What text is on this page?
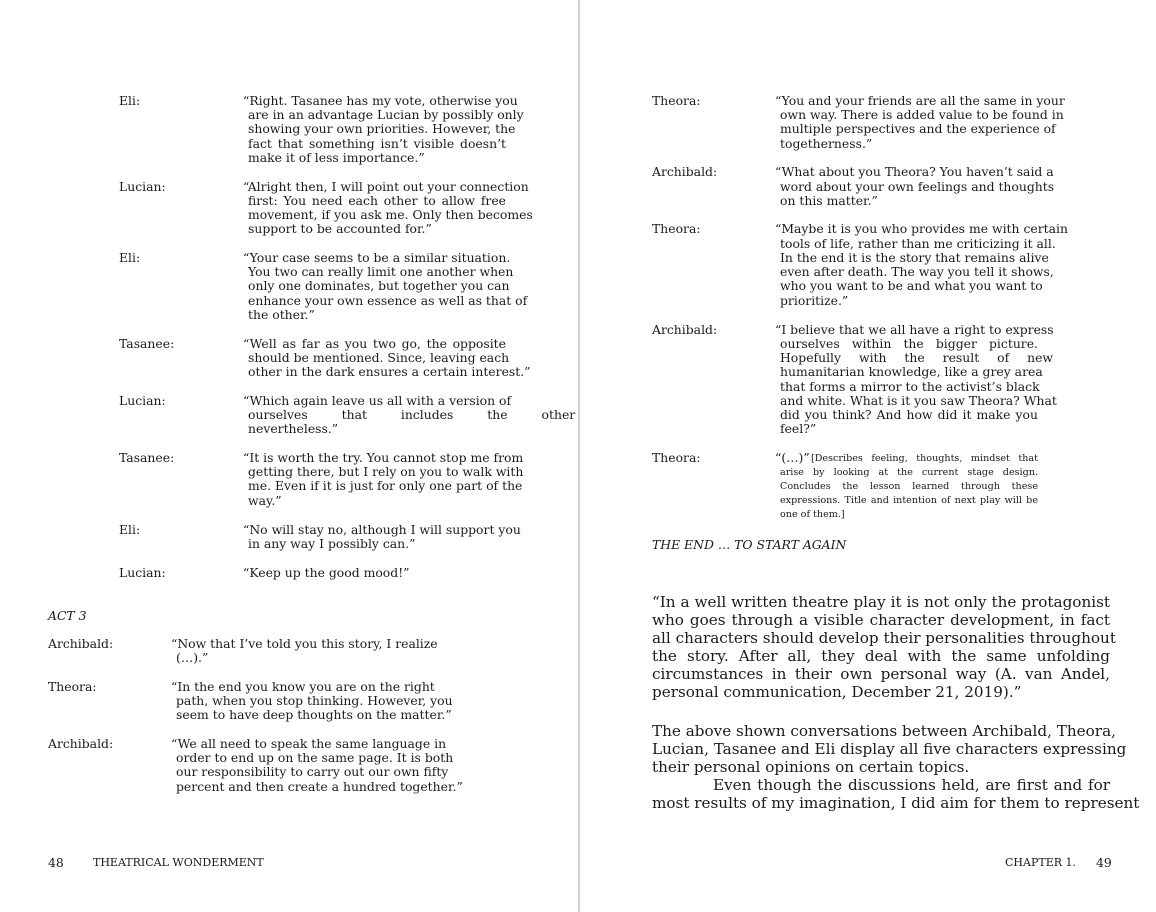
Eli:	“Right. Tasanee has my vote, otherwise you
are in an advantage Lucian by possibly only
showing your own priorities. However, the
fact that something isn’t visible doesn’t
make it of less importance.”
Lucian:	“Alright then, I will point out your connection
first: You need each other to allow free
movement, if you ask me. Only then becomes
support to be accounted for.”
Eli:	“Your case seems to be a similar situation.
You two can really limit one another when
only one dominates, but together you can
enhance your own essence as well as that of
the other.”
Tasanee:	“Well as far as you two go, the opposite
should be mentioned. Since, leaving each
other in the dark ensures a certain interest.”
Lucian:	“Which again leave us all with a version of
ourselves that includes the other
nevertheless.”
Tasanee:	“It is worth the try. You cannot stop me from
getting there, but I rely on you to walk with
me. Even if it is just for only one part of the
way.”
Eli:	“No will stay no, although I will support you
in any way I possibly can.”
Lucian:	“Keep up the good mood!”
ACT 3
Archibald:	“Now that I’ve told you this story, I realize
(…).”
Theora:	“In the end you know you are on the right
path, when you stop thinking. However, you
seem to have deep thoughts on the matter.”
Archibald:	“We all need to speak the same language in
order to end up on the same page. It is both
our responsibility to carry out our own fifty
percent and then create a hundred together.”
48	THEATRICAL WONDERMENT
Theora:	“You and your friends are all the same in your
own way. There is added value to be found in
multiple perspectives and the experience of
togetherness.”
Archibald:	“What about you Theora? You haven’t said a
word about your own feelings and thoughts
on this matter.”
Theora:	“Maybe it is you who provides me with certain
tools of life, rather than me criticizing it all.
In the end it is the story that remains alive
even after death. The way you tell it shows,
who you want to be and what you want to
prioritize.”
Archibald:	“I believe that we all have a right to express
ourselves within the bigger picture.
Hopefully with the result of new
humanitarian knowledge, like a grey area
that forms a mirror to the activist’s black
and white. What is it you saw Theora? What
did you think? And how did it make you
feel?”
Theora:	“(…)” [Describes feeling, thoughts, mindset that
arise by looking at the current stage design.
Concludes the lesson learned through these
expressions. Title and intention of next play will be
one of them.]
THE END … TO START AGAIN
“In a well written theatre play it is not only the protagonist
who goes through a visible character development, in fact
all characters should develop their personalities throughout
the story. After all, they deal with the same unfolding
circumstances in their own personal way (A. van Andel,
personal communication, December 21, 2019).”
The above shown conversations between Archibald, Theora,
Lucian, Tasanee and Eli display all five characters expressing
their personal opinions on certain topics.
Even though the discussions held, are first and for
most results of my imagination, I did aim for them to represent
CHAPTER 1. 49
